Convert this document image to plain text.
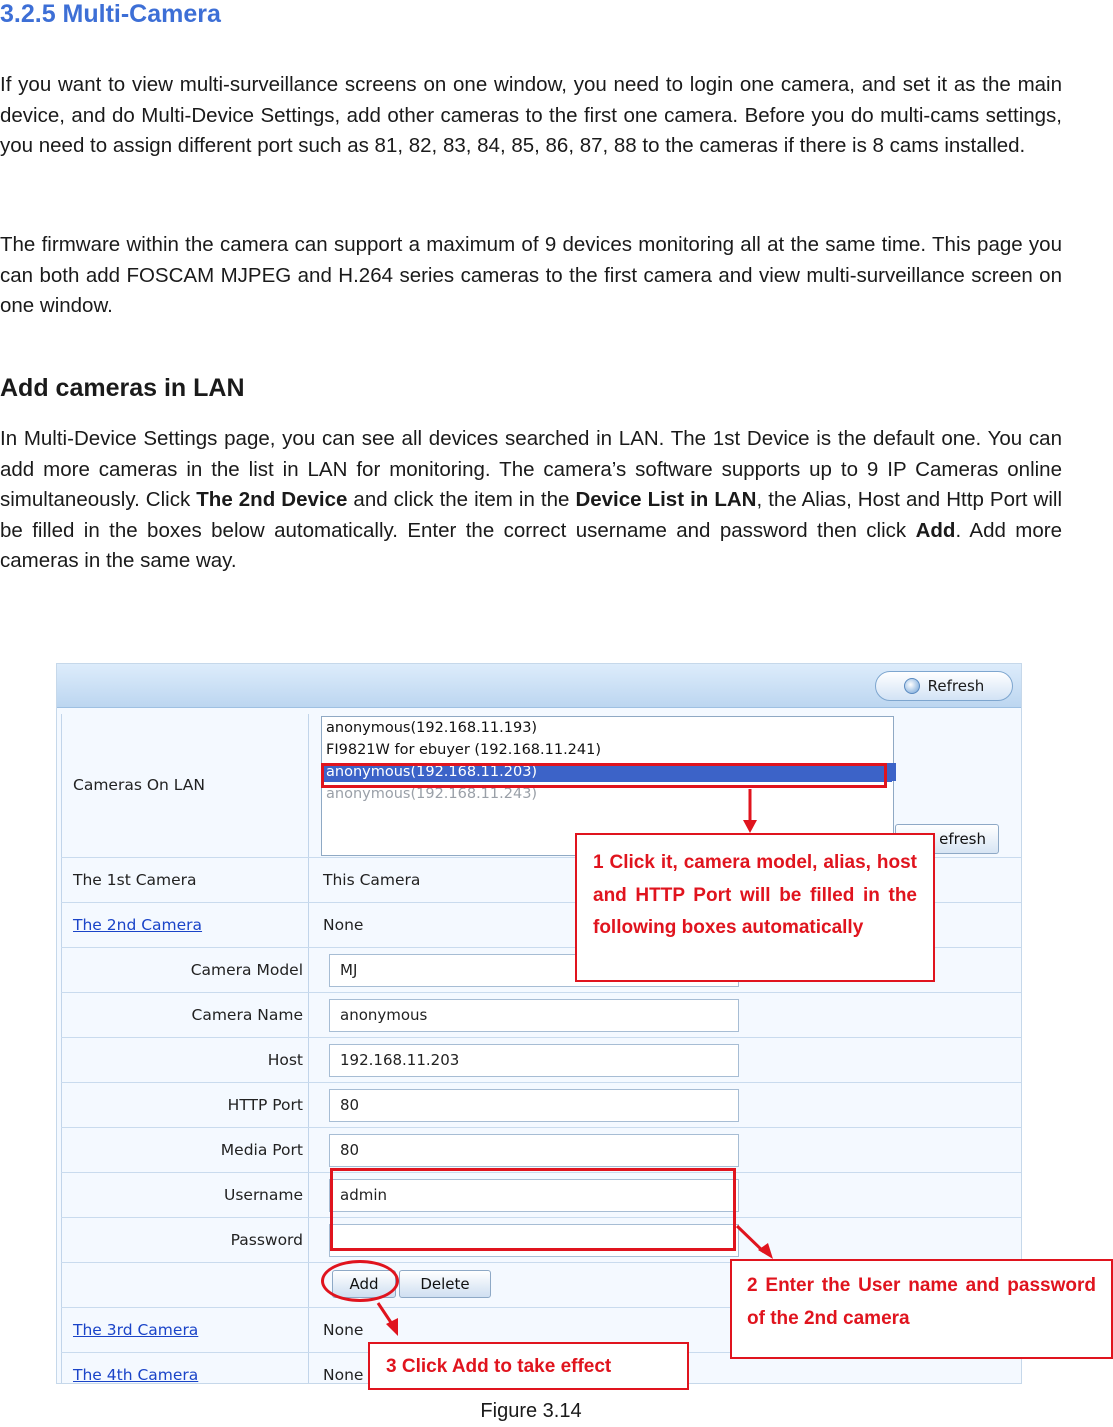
3.2.5 Multi-Camera

If you want to view multi-surveillance screens on one window, you need to login one camera, and set it as the main device, and do Multi-Device Settings, add other cameras to the first one camera. Before you do multi-cams settings, you need to assign different port such as 81, 82, 83, 84, 85, 86, 87, 88 to the cameras if there is 8 cams installed.

The firmware within the camera can support a maximum of 9 devices monitoring all at the same time. This page you can both add FOSCAM MJPEG and H.264 series cameras to the first camera and view multi-surveillance screen on one window.

Add cameras in LAN

In Multi-Device Settings page, you can see all devices searched in LAN. The 1st Device is the default one. You can add more cameras in the list in LAN for monitoring. The camera’s software supports up to 9 IP Cameras online simultaneously. Click The 2nd Device and click the item in the Device List in LAN, the Alias, Host and Http Port will be filled in the boxes below automatically. Enter the correct username and password then click Add. Add more cameras in the same way.

Refresh
Cameras On LAN
anonymous(192.168.11.193)
FI9821W for ebuyer (192.168.11.241)
anonymous(192.168.11.203)
anonymous(192.168.11.243)
efresh
The 1st Camera	This Camera
The 2nd Camera	None
Camera Model	MJ
Camera Name	anonymous
Host	192.168.11.203
HTTP Port	80
Media Port	80
Username	admin
Password
Add	Delete
The 3rd Camera	None
The 4th Camera	None
1 Click it, camera model, alias, host and HTTP Port will be filled in the following boxes automatically
2 Enter the User name and password of the 2nd camera
3 Click Add to take effect
Figure 3.14
